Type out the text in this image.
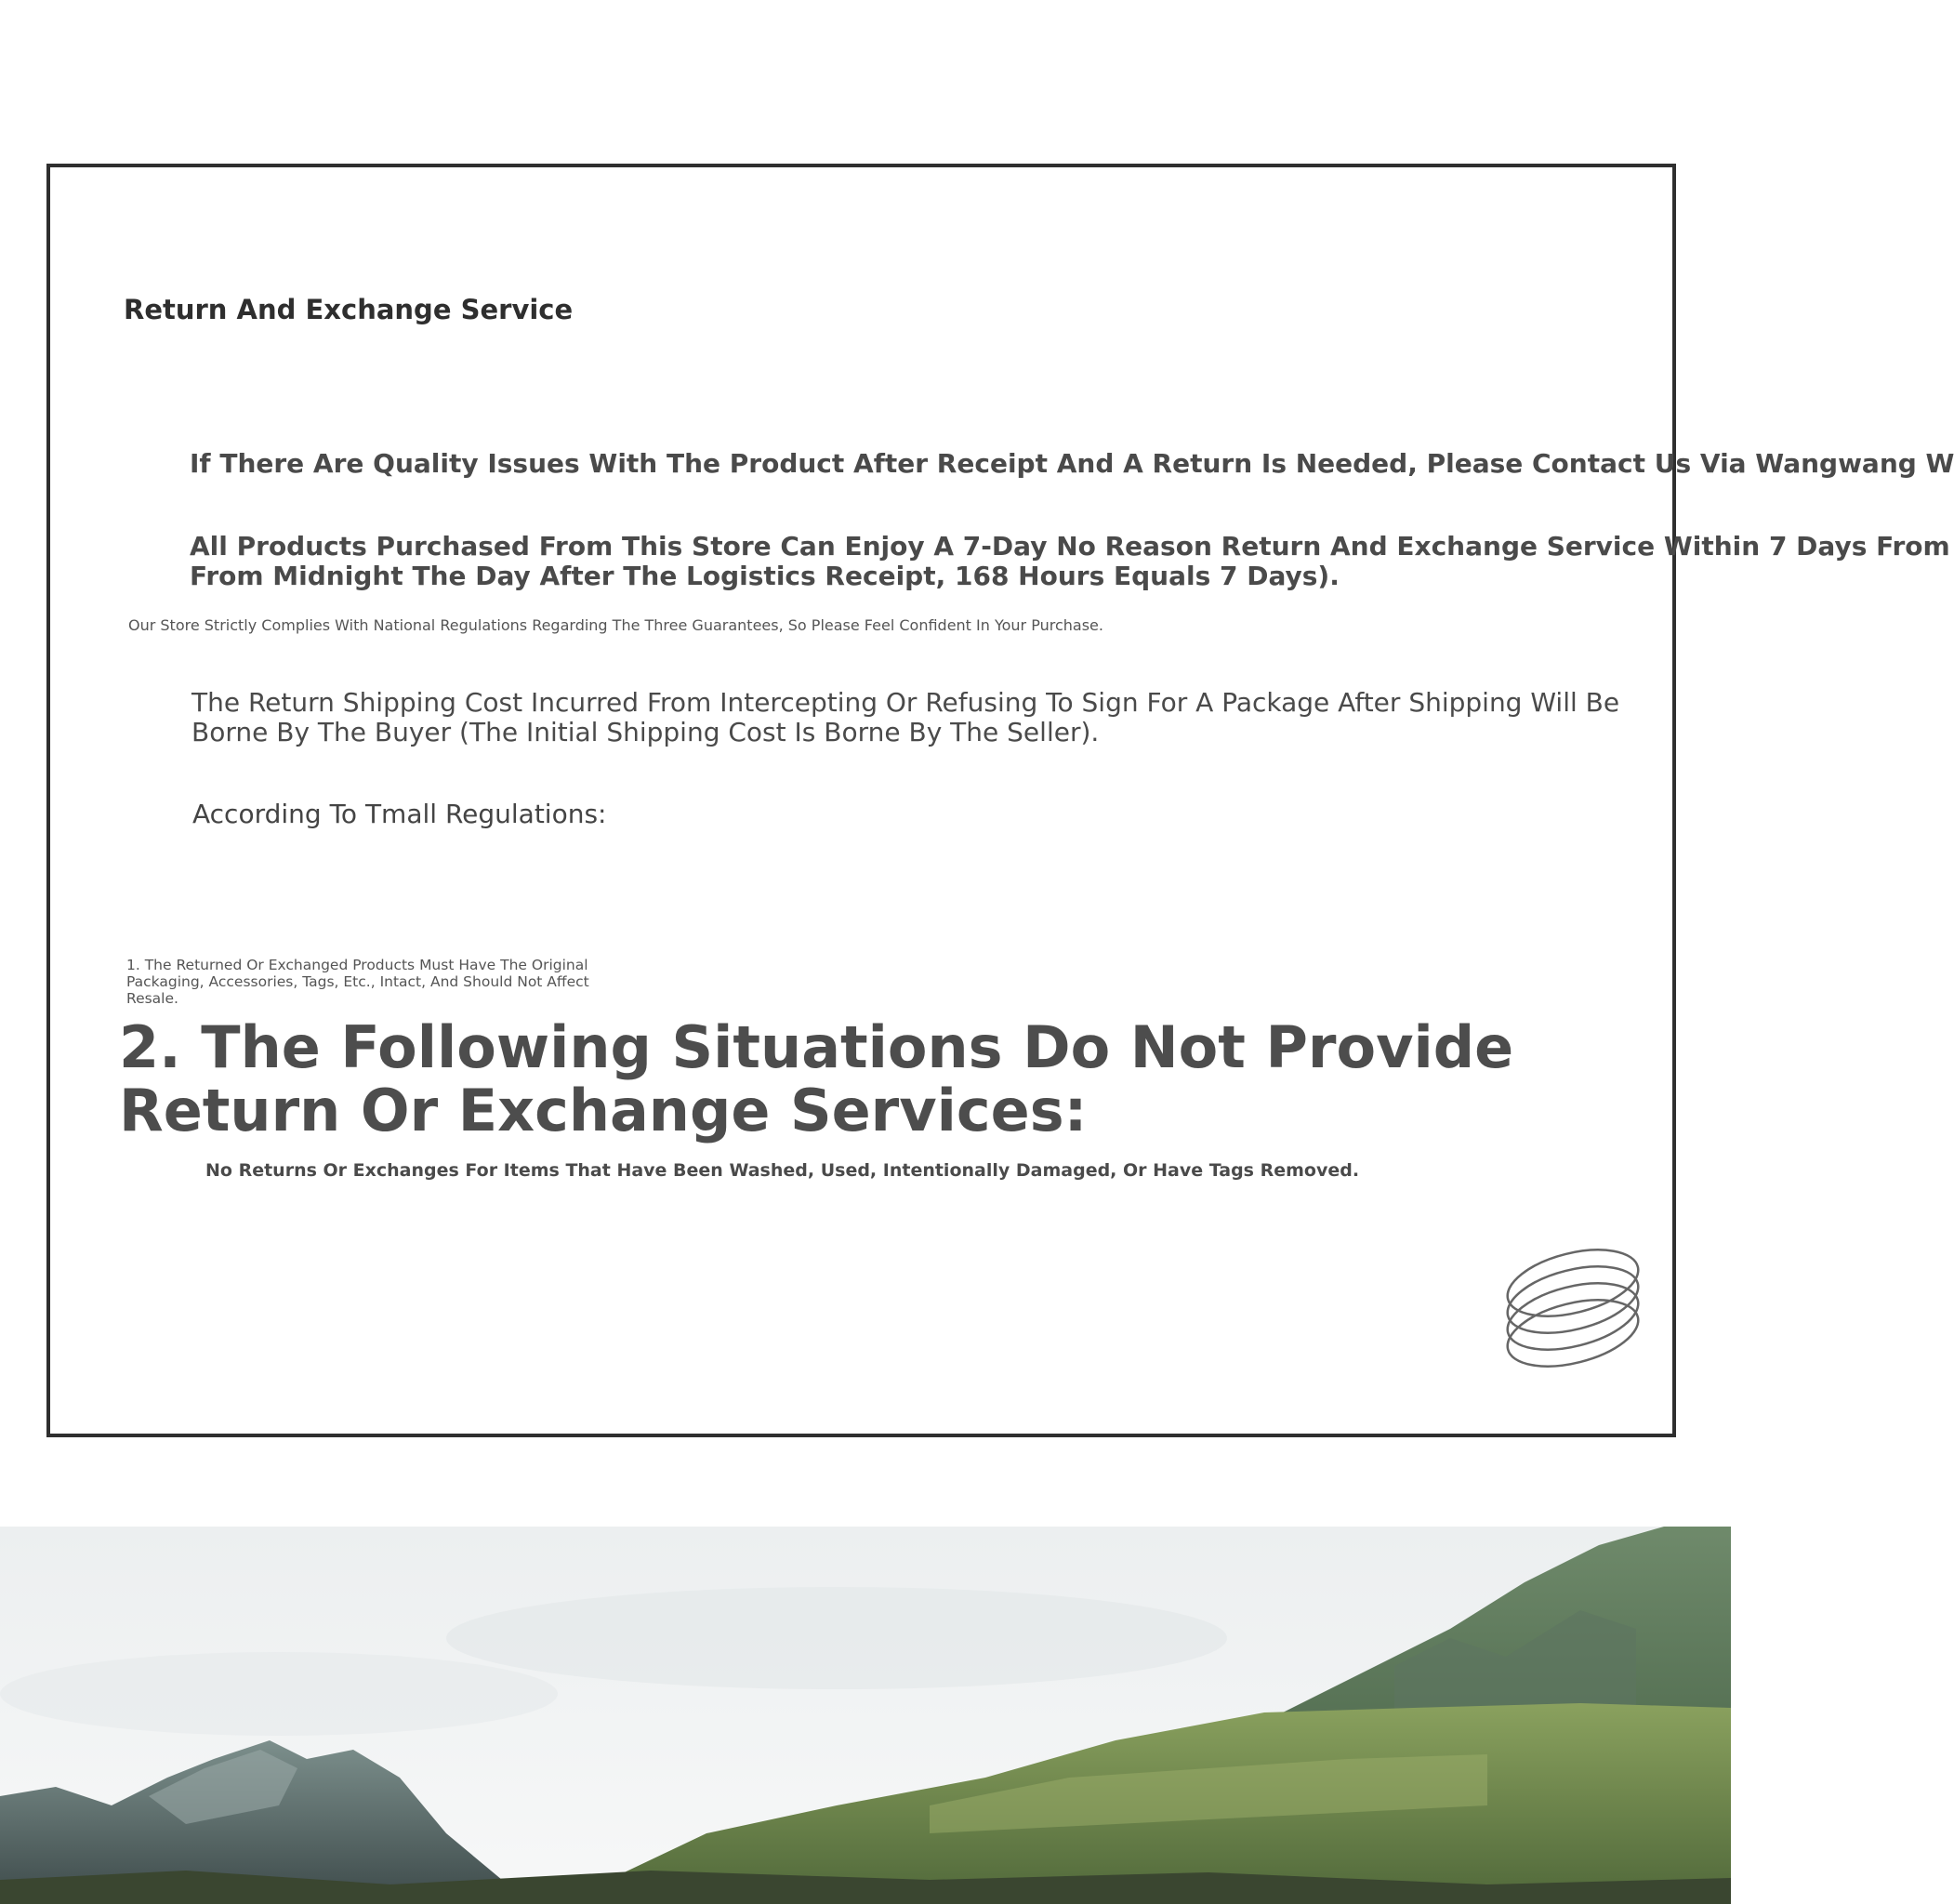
Return And Exchange Service

If There Are Quality Issues With The Product After Receipt And A Return Is Needed, Please Contact Us Via Wangwang W

All Products Purchased From This Store Can Enjoy A 7-Day No Reason Return And Exchange Service Within 7 Days From
From Midnight The Day After The Logistics Receipt, 168 Hours Equals 7 Days).

Our Store Strictly Complies With National Regulations Regarding The Three Guarantees, So Please Feel Confident In Your Purchase.

The Return Shipping Cost Incurred From Intercepting Or Refusing To Sign For A Package After Shipping Will Be Borne By The Buyer (The Initial Shipping Cost Is Borne By The Seller).

According To Tmall Regulations:

1. The Returned Or Exchanged Products Must Have The Original Packaging, Accessories, Tags, Etc., Intact, And Should Not Affect Resale.

2. The Following Situations Do Not Provide Return Or Exchange Services:

No Returns Or Exchanges For Items That Have Been Washed, Used, Intentionally Damaged, Or Have Tags Removed.
